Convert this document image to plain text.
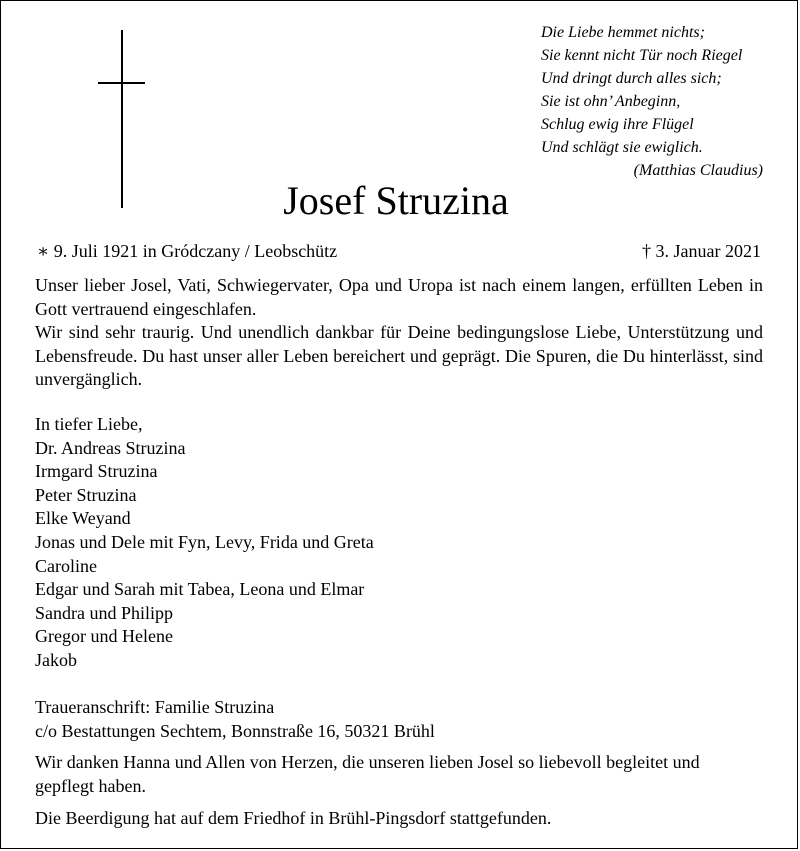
Die Liebe hemmet nichts;
Sie kennt nicht Tür noch Riegel
Und dringt durch alles sich;
Sie ist ohn’ Anbeginn,
Schlug ewig ihre Flügel
Und schlägt sie ewiglich.
(Matthias Claudius)
Josef Struzina
∗ 9. Juli 1921 in Gródczany / Leobschütz	† 3. Januar 2021
Unser lieber Josel, Vati, Schwiegervater, Opa und Uropa ist nach einem langen, erfüllten Leben in Gott vertrauend eingeschlafen.
Wir sind sehr traurig. Und unendlich dankbar für Deine bedingungslose Liebe, Unterstützung und Lebensfreude. Du hast unser aller Leben bereichert und geprägt. Die Spuren, die Du hinterlässt, sind unvergänglich.
In tiefer Liebe,
Dr. Andreas Struzina
Irmgard Struzina
Peter Struzina
Elke Weyand
Jonas und Dele mit Fyn, Levy, Frida und Greta
Caroline
Edgar und Sarah mit Tabea, Leona und Elmar
Sandra und Philipp
Gregor und Helene
Jakob
Traueranschrift: Familie Struzina
c/o Bestattungen Sechtem, Bonnstraße 16, 50321 Brühl
Wir danken Hanna und Allen von Herzen, die unseren lieben Josel so liebevoll begleitet und gepflegt haben.
Die Beerdigung hat auf dem Friedhof in Brühl-Pingsdorf stattgefunden.
